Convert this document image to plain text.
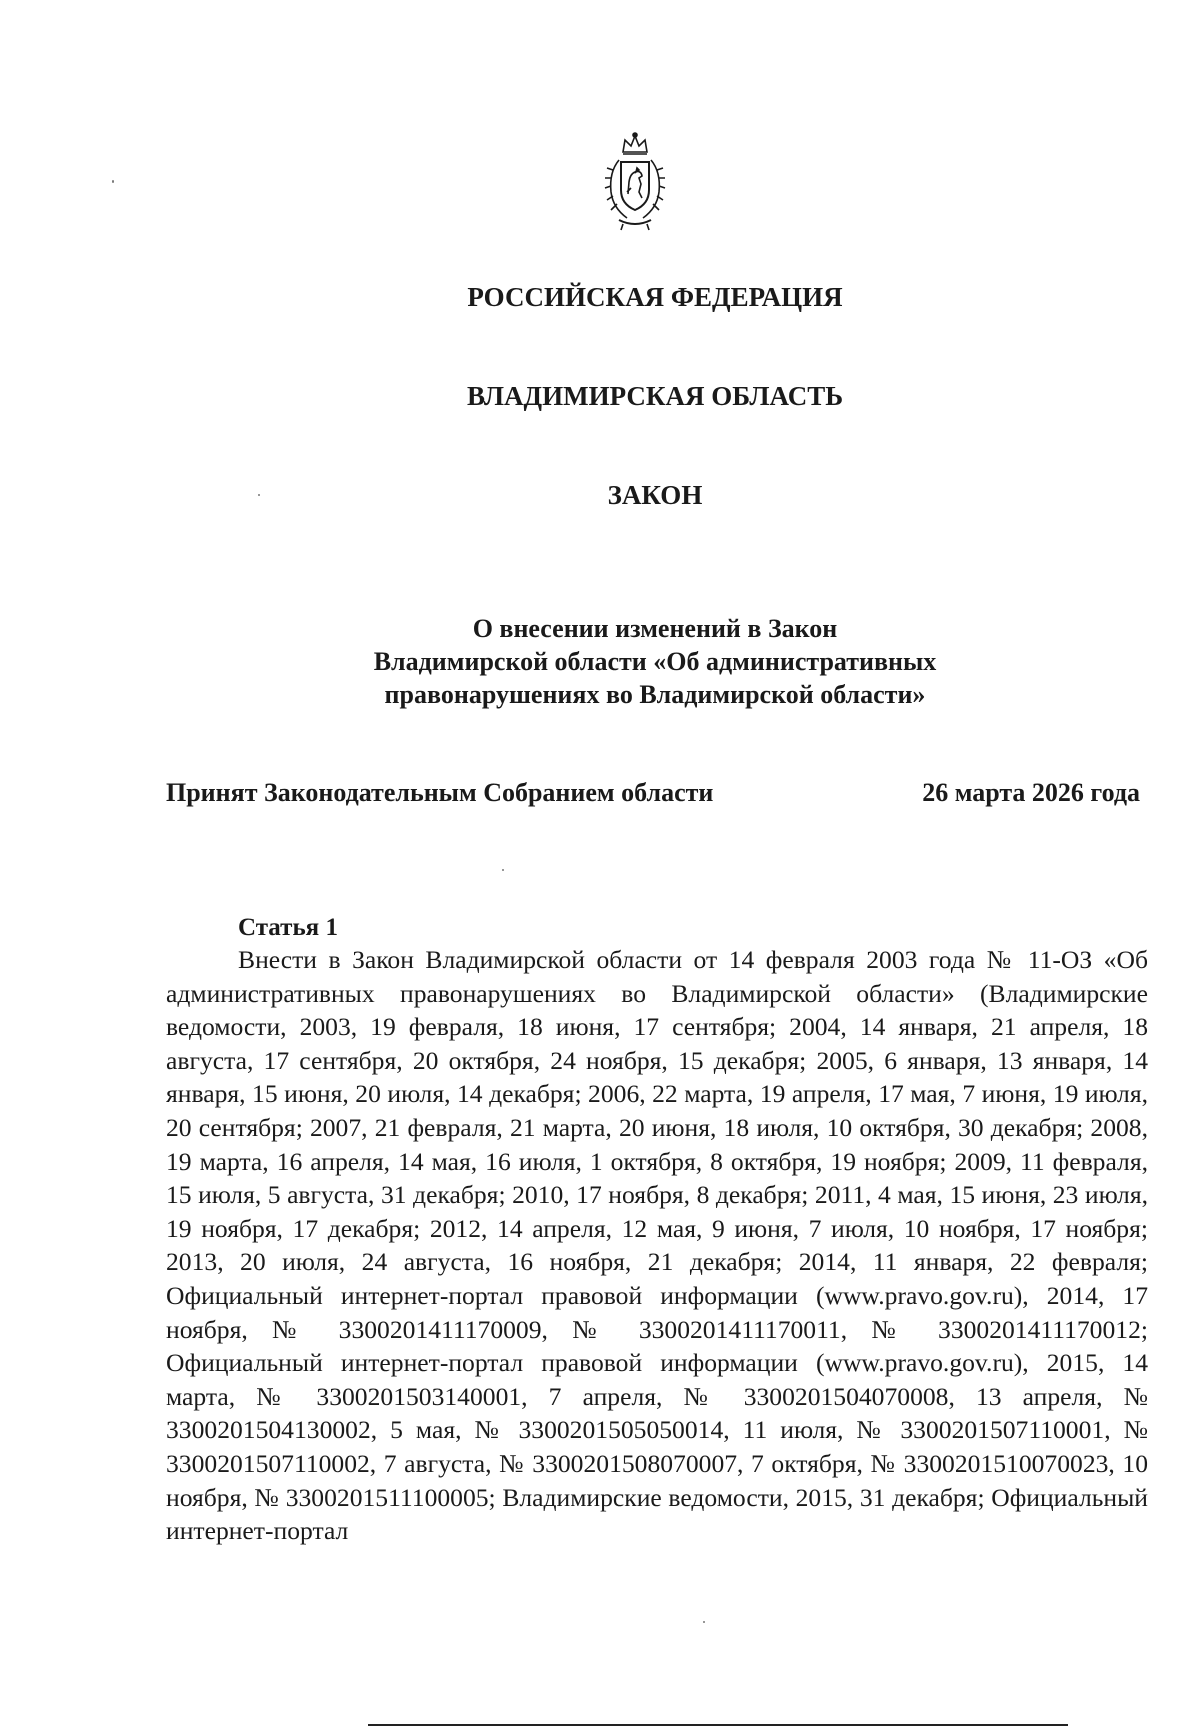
РОССИЙСКАЯ ФЕДЕРАЦИЯ
ВЛАДИМИРСКАЯ ОБЛАСТЬ
ЗАКОН
О внесении изменений в Закон
Владимирской области «Об административных
правонарушениях во Владимирской области»
Принят Законодательным Собранием области	26 марта 2026 года
Статья 1

Внести в Закон Владимирской области от 14 февраля 2003 года № 11-ОЗ «Об административных правонарушениях во Владимирской области» (Владимирские ведомости, 2003, 19 февраля, 18 июня, 17 сентября; 2004, 14 января, 21 апреля, 18 августа, 17 сентября, 20 октября, 24 ноября, 15 декабря; 2005, 6 января, 13 января, 14 января, 15 июня, 20 июля, 14 декабря; 2006, 22 марта, 19 апреля, 17 мая, 7 июня, 19 июля, 20 сентября; 2007, 21 февраля, 21 марта, 20 июня, 18 июля, 10 октября, 30 декабря; 2008, 19 марта, 16 апреля, 14 мая, 16 июля, 1 октября, 8 октября, 19 ноября; 2009, 11 февраля, 15 июля, 5 августа, 31 декабря; 2010, 17 ноября, 8 декабря; 2011, 4 мая, 15 июня, 23 июля, 19 ноября, 17 декабря; 2012, 14 апреля, 12 мая, 9 июня, 7 июля, 10 ноября, 17 ноября; 2013, 20 июля, 24 августа, 16 ноября, 21 декабря; 2014, 11 января, 22 февраля; Официальный интернет-портал правовой информации (www.pravo.gov.ru), 2014, 17 ноября, № 3300201411170009, № 3300201411170011, № 3300201411170012; Официальный интернет-портал правовой информации (www.pravo.gov.ru), 2015, 14 марта, № 3300201503140001, 7 апреля, № 3300201504070008, 13 апреля, № 3300201504130002, 5 мая, № 3300201505050014, 11 июля, № 3300201507110001, № 3300201507110002, 7 августа, № 3300201508070007, 7 октября, № 3300201510070023, 10 ноября, № 3300201511100005; Владимирские ведомости, 2015, 31 декабря; Официальный интернет-портал
